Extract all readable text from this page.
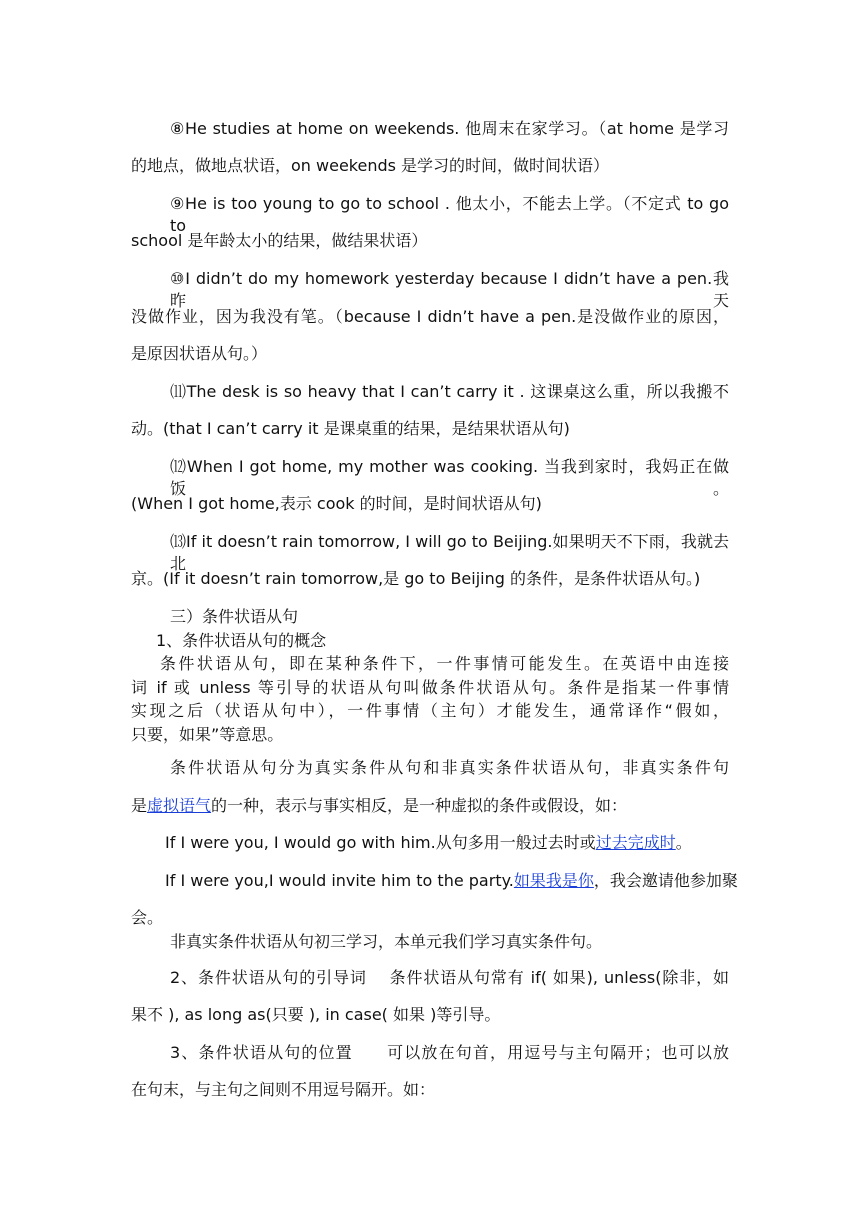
⑧He studies at home on weekends. 他周末在家学习。（at home 是学习
的地点，做地点状语，on weekends 是学习的时间，做时间状语）
⑨He is too young to go to school . 他太小，不能去上学。（不定式 to go to
school 是年龄太小的结果，做结果状语）
⑩I didn’t do my homework yesterday because I didn’t have a pen.我昨天
没做作业，因为我没有笔。（because I didn’t have a pen.是没做作业的原因，
是原因状语从句。）
⑾The desk is so heavy that I can’t carry it . 这课桌这么重，所以我搬不
动。(that I can’t carry it 是课桌重的结果，是结果状语从句)
⑿When I got home, my mother was cooking. 当我到家时，我妈正在做饭。
(When I got home,表示 cook 的时间，是时间状语从句)
⒀If it doesn’t rain tomorrow, I will go to Beijing.如果明天不下雨，我就去北
京。(If it doesn’t rain tomorrow,是 go to Beijing 的条件，是条件状语从句。)
三）条件状语从句
1、条件状语从句的概念
条件状语从句，即在某种条件下，一件事情可能发生。在英语中由连接
词 if 或 unless 等引导的状语从句叫做条件状语从句。条件是指某一件事情
实现之后（状语从句中），一件事情（主句）才能发生，通常译作“假如，
只要，如果”等意思。
条件状语从句分为真实条件从句和非真实条件状语从句，非真实条件句
是虚拟语气的一种，表示与事实相反，是一种虚拟的条件或假设，如：
If I were you, I would go with him.从句多用一般过去时或过去完成时。
If I were you,I would invite him to the party.如果我是你，我会邀请他参加聚
会。
非真实条件状语从句初三学习，本单元我们学习真实条件句。
2、条件状语从句的引导词　 条件状语从句常有 if( 如果), unless(除非，如
果不 ), as long as(只要 ), in case( 如果 )等引导。
3、条件状语从句的位置　　可以放在句首，用逗号与主句隔开；也可以放
在句末，与主句之间则不用逗号隔开。如：
